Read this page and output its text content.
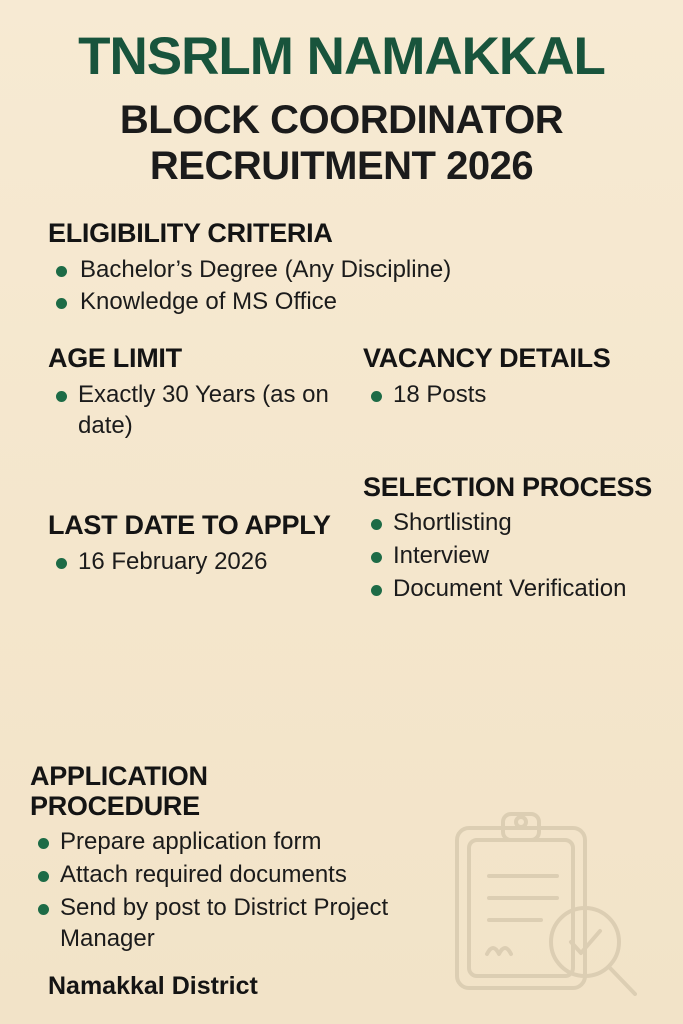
TNSRLM NAMAKKAL
BLOCK COORDINATOR
RECRUITMENT 2026
ELIGIBILITY CRITERIA
Bachelor’s Degree (Any Discipline)
Knowledge of MS Office
AGE LIMIT
Exactly 30 Years (as on date)
LAST DATE TO APPLY
16 February 2026
VACANCY DETAILS
18 Posts
SELECTION PROCESS
Shortlisting
Interview
Document Verification
APPLICATION
PROCEDURE
Prepare application form
Attach required documents
Send by post to District Project Manager
Namakkal District
